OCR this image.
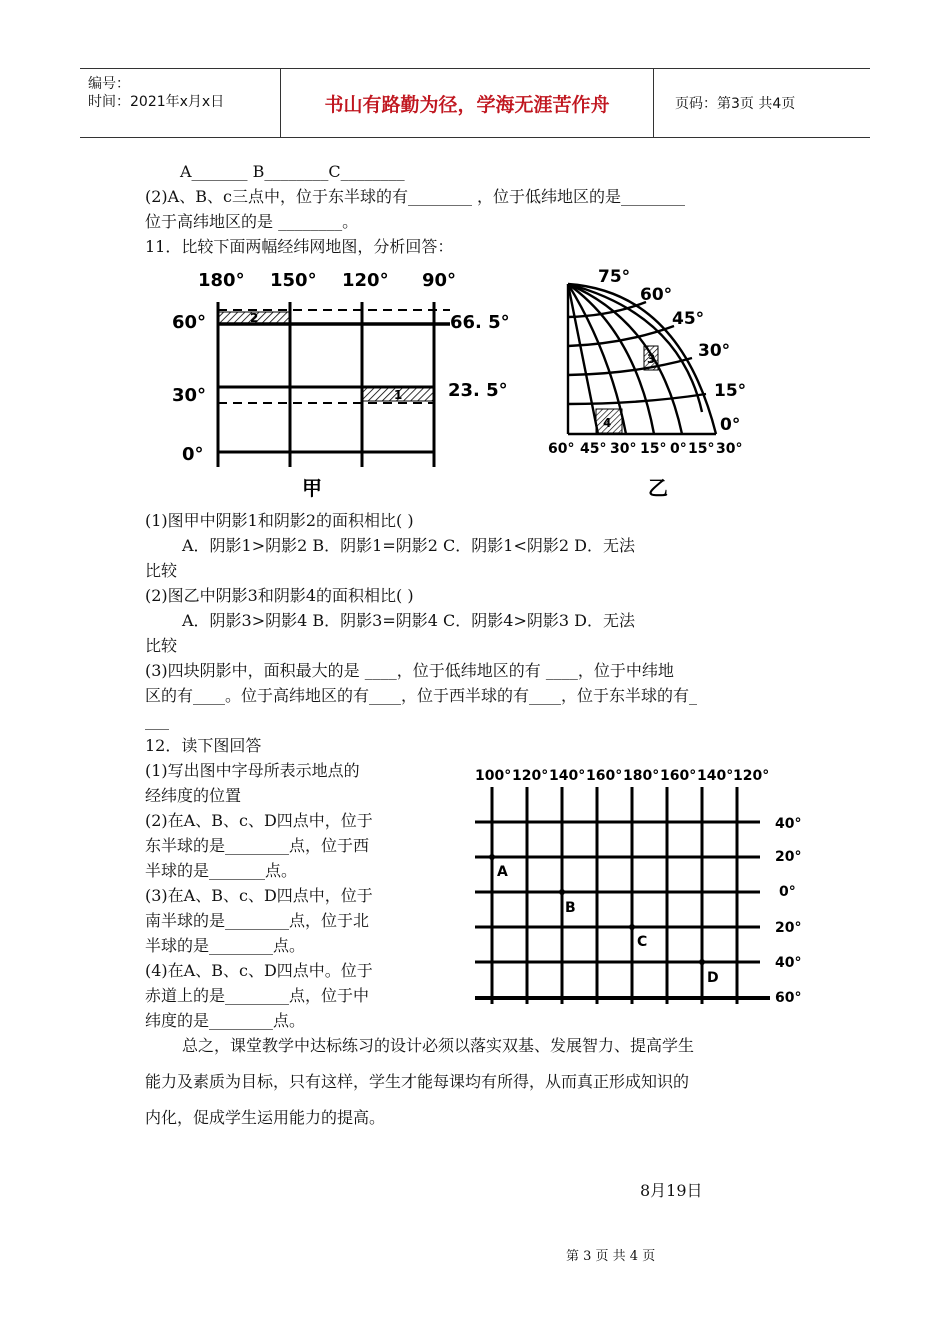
编号：
时间：2021年x月x日	书山有路勤为径，学海无涯苦作舟	页码：第3页 共4页
A_______ B________C________
(2)A、B、c三点中，位于东半球的有________ ，位于低纬地区的是________
位于高纬地区的是 ________。
11．比较下面两幅经纬网地图，分析回答：
180° 150° 120° 90°
2
1
60°
30°
0°
66. 5°
23. 5°
甲
3
4
75°
60°
45°
30°
15°
0°
60° 45° 30° 15° 0° 15° 30°
乙
(1)图甲中阴影1和阴影2的面积相比( )
A．阴影1>阴影2 B．阴影1=阴影2 C．阴影1<阴影2 D．无法
比较
(2)图乙中阴影3和阴影4的面积相比( )
A．阴影3>阴影4 B．阴影3=阴影4 C．阴影4>阴影3 D．无法
比较
(3)四块阴影中，面积最大的是 ____，位于低纬地区的有 ____，位于中纬地
区的有____。位于高纬地区的有____，位于西半球的有____，位于东半球的有_
___
12．读下图回答
(1)写出图中字母所表示地点的
经纬度的位置
(2)在A、B、c、D四点中，位于
东半球的是________点，位于西
半球的是_______点。
(3)在A、B、c、D四点中，位于
南半球的是________点，位于北
半球的是________点。
(4)在A、B、c、D四点中。位于
赤道上的是________点，位于中
纬度的是________点。
100° 120° 140° 160° 180° 160° 140° 120°
40°
20°
0°
20°
40°
60°
A
B
C
D
总之，课堂教学中达标练习的设计必须以落实双基、发展智力、提高学生
能力及素质为目标，只有这样，学生才能每课均有所得，从而真正形成知识的
内化，促成学生运用能力的提高。
8月19日
第 3 页 共 4 页
